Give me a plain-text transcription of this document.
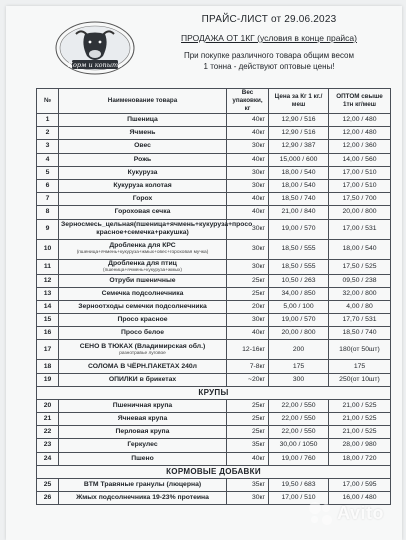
Корм и копыта
ПРАЙС-ЛИСТ от 29.06.2023
ПРОДАЖА ОТ 1КГ (условия в конце прайса)
При покупке различного товара общим весом
1 тонна - действуют оптовые цены!
№	Наименование товара	Вес упаковки, кг	Цена за Кг 1 кг./меш	ОПТОМ свыше 1тн кг/меш
1	Пшеница	40кг	12,90 / 516	12,00 / 480
2	Ячмень	40кг	12,90 / 516	12,00 / 480
3	Овес	30кг	12,90 / 387	12,00 / 360
4	Рожь	40кг	15,000 / 600	14,00 / 560
5	Кукуруза	30кг	18,00 / 540	17,00 / 510
6	Кукуруза колотая	30кг	18,00 / 540	17,00 / 510
7	Горох	40кг	18,50 / 740	17,50 / 700
8	Гороховая сечка	40кг	21,00 / 840	20,00 / 800
9	Зерносмесь_цельная(пшеница+ячмень+кукуруза+просо красное+семечка+ракушка)	30кг	19,00 / 570	17,00 / 531
10	Дробленка для КРС
(пшеница+ячмень+кукуруза+жмых+овес+гороховая мучка)	30кг	18,50 / 555	18,00 / 540
11	Дробленка для птиц
(пшеница+ячмень+кукуруза+жмых)	30кг	18,50 / 555	17,50 / 525
12	Отруби пшеничные	25кг	10,50 / 263	09,50 / 238
13	Семечка подсолнечника	25кг	34,00 / 850	32,00 / 800
14	Зерноотходы семечки подсолнечника	20кг	5,00 / 100	4,00 / 80
15	Просо красное	30кг	19,00 / 570	17,70 / 531
16	Просо белое	40кг	20,00 / 800	18,50 / 740
17	СЕНО В ТЮКАХ (Владимирская обл.)
разнотравье луговое	12-16кг	200	180(от 50шт)
18	СОЛОМА В ЧЁРН.ПАКЕТАХ 240л	7-8кг	175	175
19	ОПИЛКИ в брикетах	~20кг	300	250(от 10шт)
КРУПЫ				
20	Пшеничная крупа	25кг	22,00 / 550	21,00 / 525
21	Ячневая крупа	25кг	22,00 / 550	21,00 / 525
22	Перловая крупа	25кг	22,00 / 550	21,00 / 525
23	Геркулес	35кг	30,00 / 1050	28,00 / 980
24	Пшено	40кг	19,00 / 760	18,00 / 720
КОРМОВЫЕ ДОБАВКИ				
25	BTM Травяные гранулы (люцерна)	35кг	19,50 / 683	17,00 / 595
26	Жмых подсолнечника 19-23% протеина	30кг	17,00 / 510	16,00 / 480
Avito
